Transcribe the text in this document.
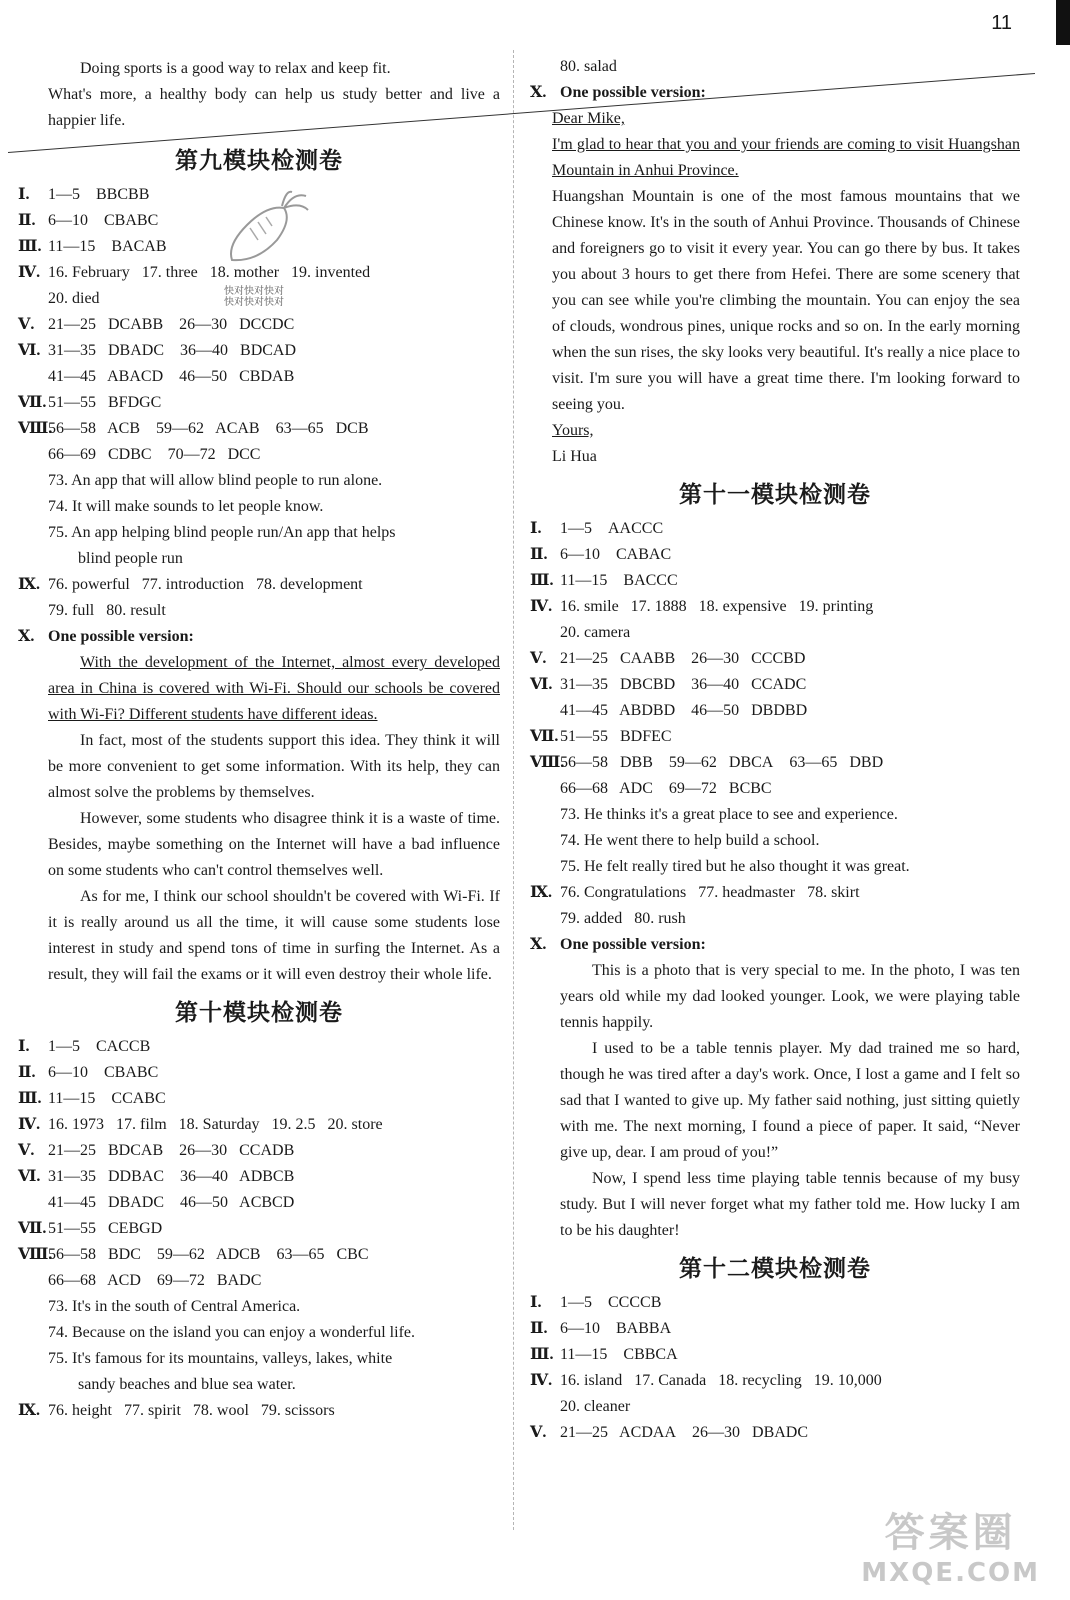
11
快对快对快对
快对快对快对

Doing sports is a good way to relax and keep fit.

What's more, a healthy body can help us study better and live a happier life.

第九模块检测卷
Ⅰ.	1—5 BBCBB
Ⅱ. 6—10 CBABC
Ⅲ. 11—15 BACAB
Ⅳ. 16. February   17. three   18. mother   19. invented
20. died
Ⅴ. 21—25   DCABB 26—30   DCCDC
Ⅵ. 31—35   DBADC 36—40   BDCAD
41—45   ABACD 46—50   CBDAB
Ⅶ. 51—55   BFDGC
Ⅷ.
56—58   ACB 59—62   ACAB 63—65   DCB
66—69   CDBC 70—72   DCC
73. An app that will allow blind people to run alone.
74. It will make sounds to let people know.
75. An app helping blind people run/An app that helps
blind people run
Ⅸ. 76. powerful   77. introduction   78. development
79. full   80. result
Ⅹ. One possible version:

With the development of the Internet, almost every developed area in China is covered with Wi-Fi. Should our schools be covered with Wi-Fi? Different students have different ideas.

In fact, most of the students support this idea. They think it will be more convenient to get some information. With its help, they can almost solve the problems by themselves.

However, some students who disagree think it is a waste of time. Besides, maybe something on the Internet will have a bad influence on some students who can't control themselves well.

As for me, I think our school shouldn't be covered with Wi-Fi. If it is really around us all the time, it will cause some students lose interest in study and spend tons of time in surfing the Internet. As a result, they will fail the exams or it will even destroy their whole life.

第十模块检测卷
Ⅰ.	1—5 CACCB
Ⅱ. 6—10 CBABC
Ⅲ. 11—15 CCABC
Ⅳ. 16. 1973   17. film   18. Saturday   19. 2.5   20. store
Ⅴ. 21—25   BDCAB 26—30   CCADB
Ⅵ. 31—35   DDBAC 36—40   ADBCB
41—45   DBADC 46—50   ACBCD
Ⅶ. 51—55   CEBGD
Ⅷ.
56—58   BDC 59—62   ADCB 63—65   CBC
66—68   ACD 69—72   BADC
73. It's in the south of Central America.
74. Because on the island you can enjoy a wonderful life.
75. It's famous for its mountains, valleys, lakes, white
sandy beaches and blue sea water.
Ⅸ. 76. height   77. spirit   78. wool   79. scissors
80. salad
Ⅹ. One possible version:

Dear Mike,

I'm glad to hear that you and your friends are coming to visit Huangshan Mountain in Anhui Province.

Huangshan Mountain is one of the most famous mountains that we Chinese know. It's in the south of Anhui Province. Thousands of Chinese and foreigners go to visit it every year. You can go there by bus. It takes you about 3 hours to get there from Hefei. There are some scenery that you can see while you're climbing the mountain. You can enjoy the sea of clouds, wondrous pines, unique rocks and so on. In the early morning when the sun rises, the sky looks very beautiful. It's really a nice place to visit. I'm sure you will have a great time there. I'm looking forward to seeing you.

Yours,

Li Hua

第十一模块检测卷
Ⅰ.	1—5 AACCC
Ⅱ. 6—10 CABAC
Ⅲ. 11—15 BACCC
Ⅳ. 16. smile   17. 1888   18. expensive   19. printing
20. camera
Ⅴ. 21—25   CAABB 26—30   CCCBD
Ⅵ. 31—35   DBCBD 36—40   CCADC
41—45   ABDBD 46—50   DBDBD
Ⅶ. 51—55   BDFEC
Ⅷ.
56—58   DBB 59—62   DBCA 63—65   DBD
66—68   ADC 69—72   BCBC
73. He thinks it's a great place to see and experience.
74. He went there to help build a school.
75. He felt really tired but he also thought it was great.
Ⅸ. 76. Congratulations   77. headmaster   78. skirt
79. added   80. rush
Ⅹ. One possible version:

This is a photo that is very special to me. In the photo, I was ten years old while my dad looked younger. Look, we were playing table tennis happily.

I used to be a table tennis player. My dad trained me so hard, though he was tired after a day's work. Once, I lost a game and I felt so sad that I wanted to give up. My father said nothing, just sitting quietly with me. The next morning, I found a piece of paper. It said, “Never give up, dear. I am proud of you!”

Now, I spend less time playing table tennis because of my busy study. But I will never forget what my father told me. How lucky I am to be his daughter!

第十二模块检测卷
Ⅰ.	1—5 CCCCB
Ⅱ. 6—10 BABBA
Ⅲ. 11—15 CBBCA
Ⅳ. 16. island   17. Canada   18. recycling   19. 10,000
20. cleaner
Ⅴ. 21—25   ACDAA 26—30   DBADC
答案圈
MXQE.COM
